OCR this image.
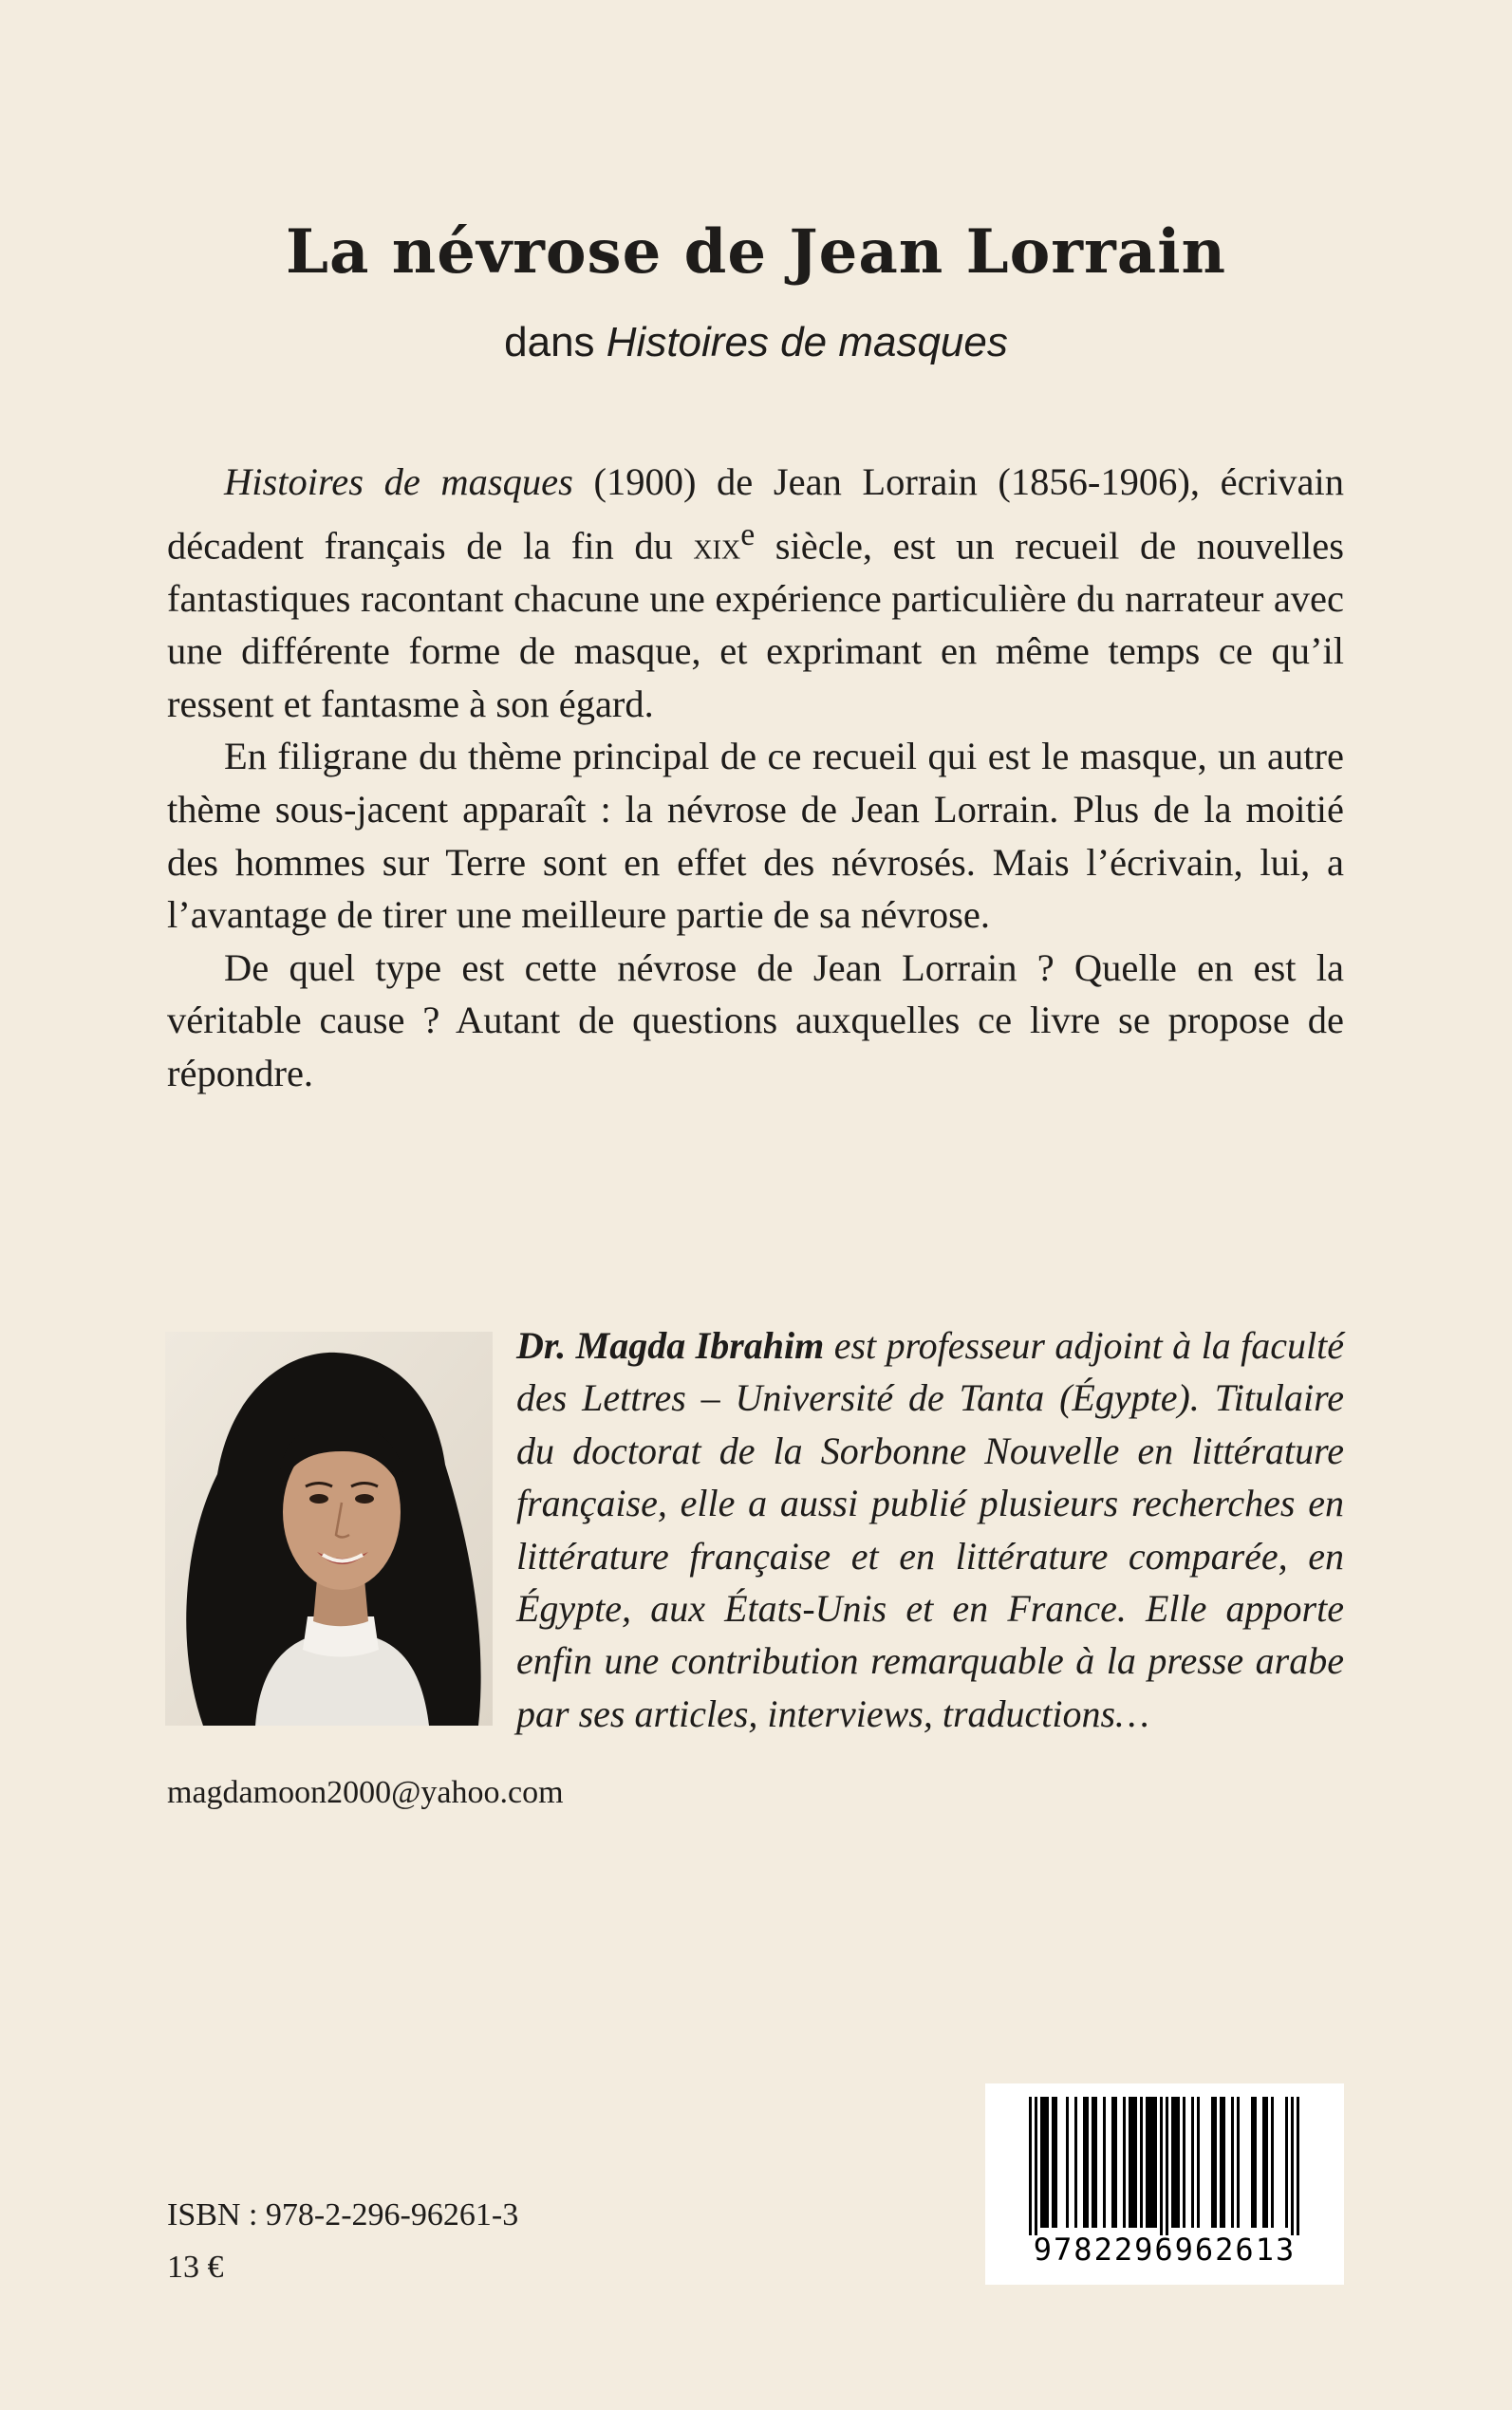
La névrose de Jean Lorrain
dans Histoires de masques

Histoires de masques (1900) de Jean Lorrain (1856-1906), écrivain décadent français de la fin du xix$^e$ siècle, est un recueil de nouvelles fantastiques racontant chacune une expérience particulière du narrateur avec une différente forme de masque, et exprimant en même temps ce qu’il ressent et fantasme à son égard.

En filigrane du thème principal de ce recueil qui est le masque, un autre thème sous-jacent apparaît : la névrose de Jean Lorrain. Plus de la moitié des hommes sur Terre sont en effet des névrosés. Mais l’écrivain, lui, a l’avantage de tirer une meilleure partie de sa névrose.

De quel type est cette névrose de Jean Lorrain ? Quelle en est la véritable cause ? Autant de questions auxquelles ce livre se propose de répondre.

Dr. Magda Ibrahim est professeur adjoint à la faculté des Lettres – Université de Tanta (Égypte). Titulaire du doctorat de la Sorbonne Nouvelle en littérature française, elle a aussi publié plusieurs recherches en littérature française et en littérature comparée, en Égypte, aux États-Unis et en France. Elle apporte enfin une contribution remarquable à la presse arabe par ses articles, interviews, traductions…

magdamoon2000@yahoo.com
ISBN : 978-2-296-96261-3
13 €	9782296962613
